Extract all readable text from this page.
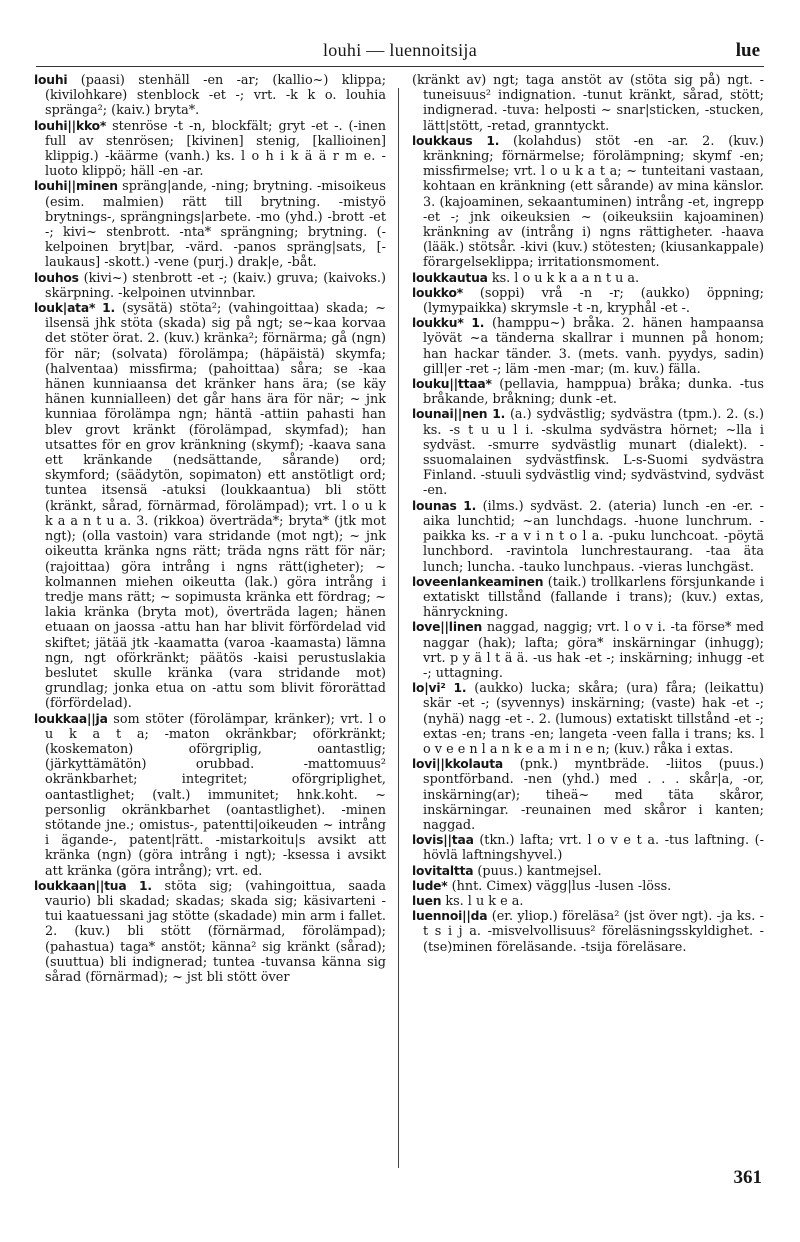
louhi — luennoitsija	lue

louhi (paasi) stenhäll -en -ar; (kallio~) klippa; (kivilohkare) stenblock -et -; vrt. -k k o. louhia spränga²; (kaiv.) bryta*.

louhi||kko* stenröse -t -n, blockfält; gryt -et -. (-inen full av stenrösen; [kivinen] stenig, [kallioinen] klippig.) -käärme (vanh.) ks. l o h i k ä ä r m e. -luoto klippö; häll -en -ar.

louhi||minen spräng|ande, -ning; brytning. -misoikeus (esim. malmien) rätt till brytning. -mistyö brytnings-, sprängnings|arbete. -mo (yhd.) -brott -et -; kivi~ stenbrott. -nta* sprängning; brytning. (-kelpoinen bryt|bar, -värd. -panos spräng|sats, [-laukaus] -skott.) -vene (purj.) drak|e, -båt.

louhos (kivi~) stenbrott -et -; (kaiv.) gruva; (kaivoks.) skärpning. -kelpoinen utvinnbar.

louk|ata* 1. (sysätä) stöta²; (vahingoittaa) skada; ~ ilsensä jhk stöta (skada) sig på ngt; se~kaa korvaa det stöter örat. 2. (kuv.) kränka²; förnärma; gå (ngn) för när; (solvata) förolämpa; (häpäistä) skymfa; (halventaa) missfirma; (pahoittaa) såra; se -kaa hänen kunniaansa det kränker hans ära; (se käy hänen kunnialleen) det går hans ära för när; ~ jnk kunniaa förolämpa ngn; häntä -attiin pahasti han blev grovt kränkt (förolämpad, skymfad); han utsattes för en grov kränkning (skymf); -kaava sana ett kränkande (nedsättande, sårande) ord; skymford; (säädytön, sopimaton) ett anstötligt ord; tuntea itsensä -atuksi (loukkaantua) bli stött (kränkt, sårad, förnärmad, förolämpad); vrt. l o u k k a a n t u a. 3. (rikkoa) överträda*; bryta* (jtk mot ngt); (olla vastoin) vara stridande (mot ngt); ~ jnk oikeutta kränka ngns rätt; träda ngns rätt för när; (rajoittaa) göra intrång i ngns rätt(igheter); ~ kolmannen miehen oikeutta (lak.) göra intrång i tredje mans rätt; ~ sopimusta kränka ett fördrag; ~ lakia kränka (bryta mot), överträda lagen; hänen etuaan on jaossa -attu han har blivit förfördelad vid skiftet; jätää jtk -kaamatta (varoa -kaamasta) lämna ngn, ngt oförkränkt; päätös -kaisi perustuslakia beslutet skulle kränka (vara stridande mot) grundlag; jonka etua on -attu som blivit förorättad (förfördelad).

loukkaa||ja som stöter (förolämpar, kränker); vrt. l o u k a t a; -maton okränkbar; oförkränkt; (koskematon) oförgriplig, oantastlig; (järkyttämätön) orubbad. -mattomuus² okränkbarhet; integritet; oförgriplighet, oantastlighet; (valt.) immunitet; hnk.koht. ~ personlig okränkbarhet (oantastlighet). -minen stötande jne.; omistus-, patentti|oikeuden ~ intrång i ägande-, patent|rätt. -mistarkoitu|s avsikt att kränka (ngn) (göra intrång i ngt); -ksessa i avsikt att kränka (göra intrång); vrt. ed.

loukkaan||tua 1. stöta sig; (vahingoittua, saada vaurio) bli skadad; skadas; skada sig; käsivarteni -tui kaatuessani jag stötte (skadade) min arm i fallet. 2. (kuv.) bli stött (förnärmad, förolämpad); (pahastua) taga* anstöt; känna² sig kränkt (sårad); (suuttua) bli indignerad; tuntea -tuvansa känna sig sårad (förnärmad); ~ jst bli stött över

(kränkt av) ngt; taga anstöt av (stöta sig på) ngt. -tuneisuus² indignation. -tunut kränkt, sårad, stött; indignerad. -tuva: helposti ~ snar|sticken, -stucken, lätt|stött, -retad, granntyckt.

loukkaus 1. (kolahdus) stöt -en -ar. 2. (kuv.) kränkning; förnärmelse; förolämpning; skymf -en; missfirmelse; vrt. l o u k a t a; ~ tunteitani vastaan, kohtaan en kränkning (ett sårande) av mina känslor. 3. (kajoaminen, sekaantuminen) intrång -et, ingrepp -et -; jnk oikeuksien ~ (oikeuksiin kajoaminen) kränkning av (intrång i) ngns rättigheter. -haava (lääk.) stötsår. -kivi (kuv.) stötesten; (kiusankappale) förargelseklippa; irritationsmoment.

loukkautua ks. l o u k k a a n t u a.

loukko* (soppi) vrå -n -r; (aukko) öppning; (lymypaikka) skrymsle -t -n, kryphål -et -.

loukku* 1. (hamppu~) bråka. 2. hänen hampaansa lyövät ~a tänderna skallrar i munnen på honom; han hackar tänder. 3. (mets. vanh. pyydys, sadin) gill|er -ret -; läm -men -mar; (m. kuv.) fälla.

louku||ttaa* (pellavia, hamppua) bråka; dunka. -tus bråkande, bråkning; dunk -et.

lounai||nen 1. (a.) sydvästlig; sydvästra (tpm.). 2. (s.) ks. -s t u u l i. -skulma sydvästra hörnet; ~lla i sydväst. -smurre sydvästlig munart (dialekt). -ssuomalainen sydvästfinsk. L-s-Suomi sydvästra Finland. -stuuli sydvästlig vind; sydvästvind, sydväst -en.

lounas 1. (ilms.) sydväst. 2. (ateria) lunch -en -er. -aika lunchtid; ~an lunchdags. -huone lunchrum. -paikka ks. -r a v i n t o l a. -puku lunchcoat. -pöytä lunchbord. -ravintola lunchrestaurang. -taa äta lunch; luncha. -tauko lunchpaus. -vieras lunchgäst.

loveenlankeaminen (taik.) trollkarlens försjunkande i extatiskt tillstånd (fallande i trans); (kuv.) extas, hänryckning.

love||linen naggad, naggig; vrt. l o v i. -ta förse* med naggar (hak); lafta; göra* inskärningar (inhugg); vrt. p y ä l t ä ä. -us hak -et -; inskärning; inhugg -et -; uttagning.

lo|vi² 1. (aukko) lucka; skåra; (ura) fåra; (leikattu) skär -et -; (syvennys) inskärning; (vaste) hak -et -; (nyhä) nagg -et -. 2. (lumous) extatiskt tillstånd -et -; extas -en; trans -en; langeta -veen falla i trans; ks. l o v e e n l a n k e a m i n e n; (kuv.) råka i extas.

lovi||kkolauta (pnk.) myntbräde. -liitos (puus.) spontförband. -nen (yhd.) med . . . skår|a, -or, inskärning(ar); tiheä~ med täta skåror, inskärningar. -reunainen med skåror i kanten; naggad.

lovis||taa (tkn.) lafta; vrt. l o v e t a. -tus laftning. (-hövlä laftningshyvel.)

lovitaltta (puus.) kantmejsel.

lude* (hnt. Cimex) vägg|lus -lusen -löss.

luen ks. l u k e a.

luennoi||da (er. yliop.) föreläsa² (jst över ngt). -ja ks. -t s i j a. -misvelvollisuus² föreläsningsskyldighet. -(tse)minen föreläsande. -tsija föreläsare.

361
